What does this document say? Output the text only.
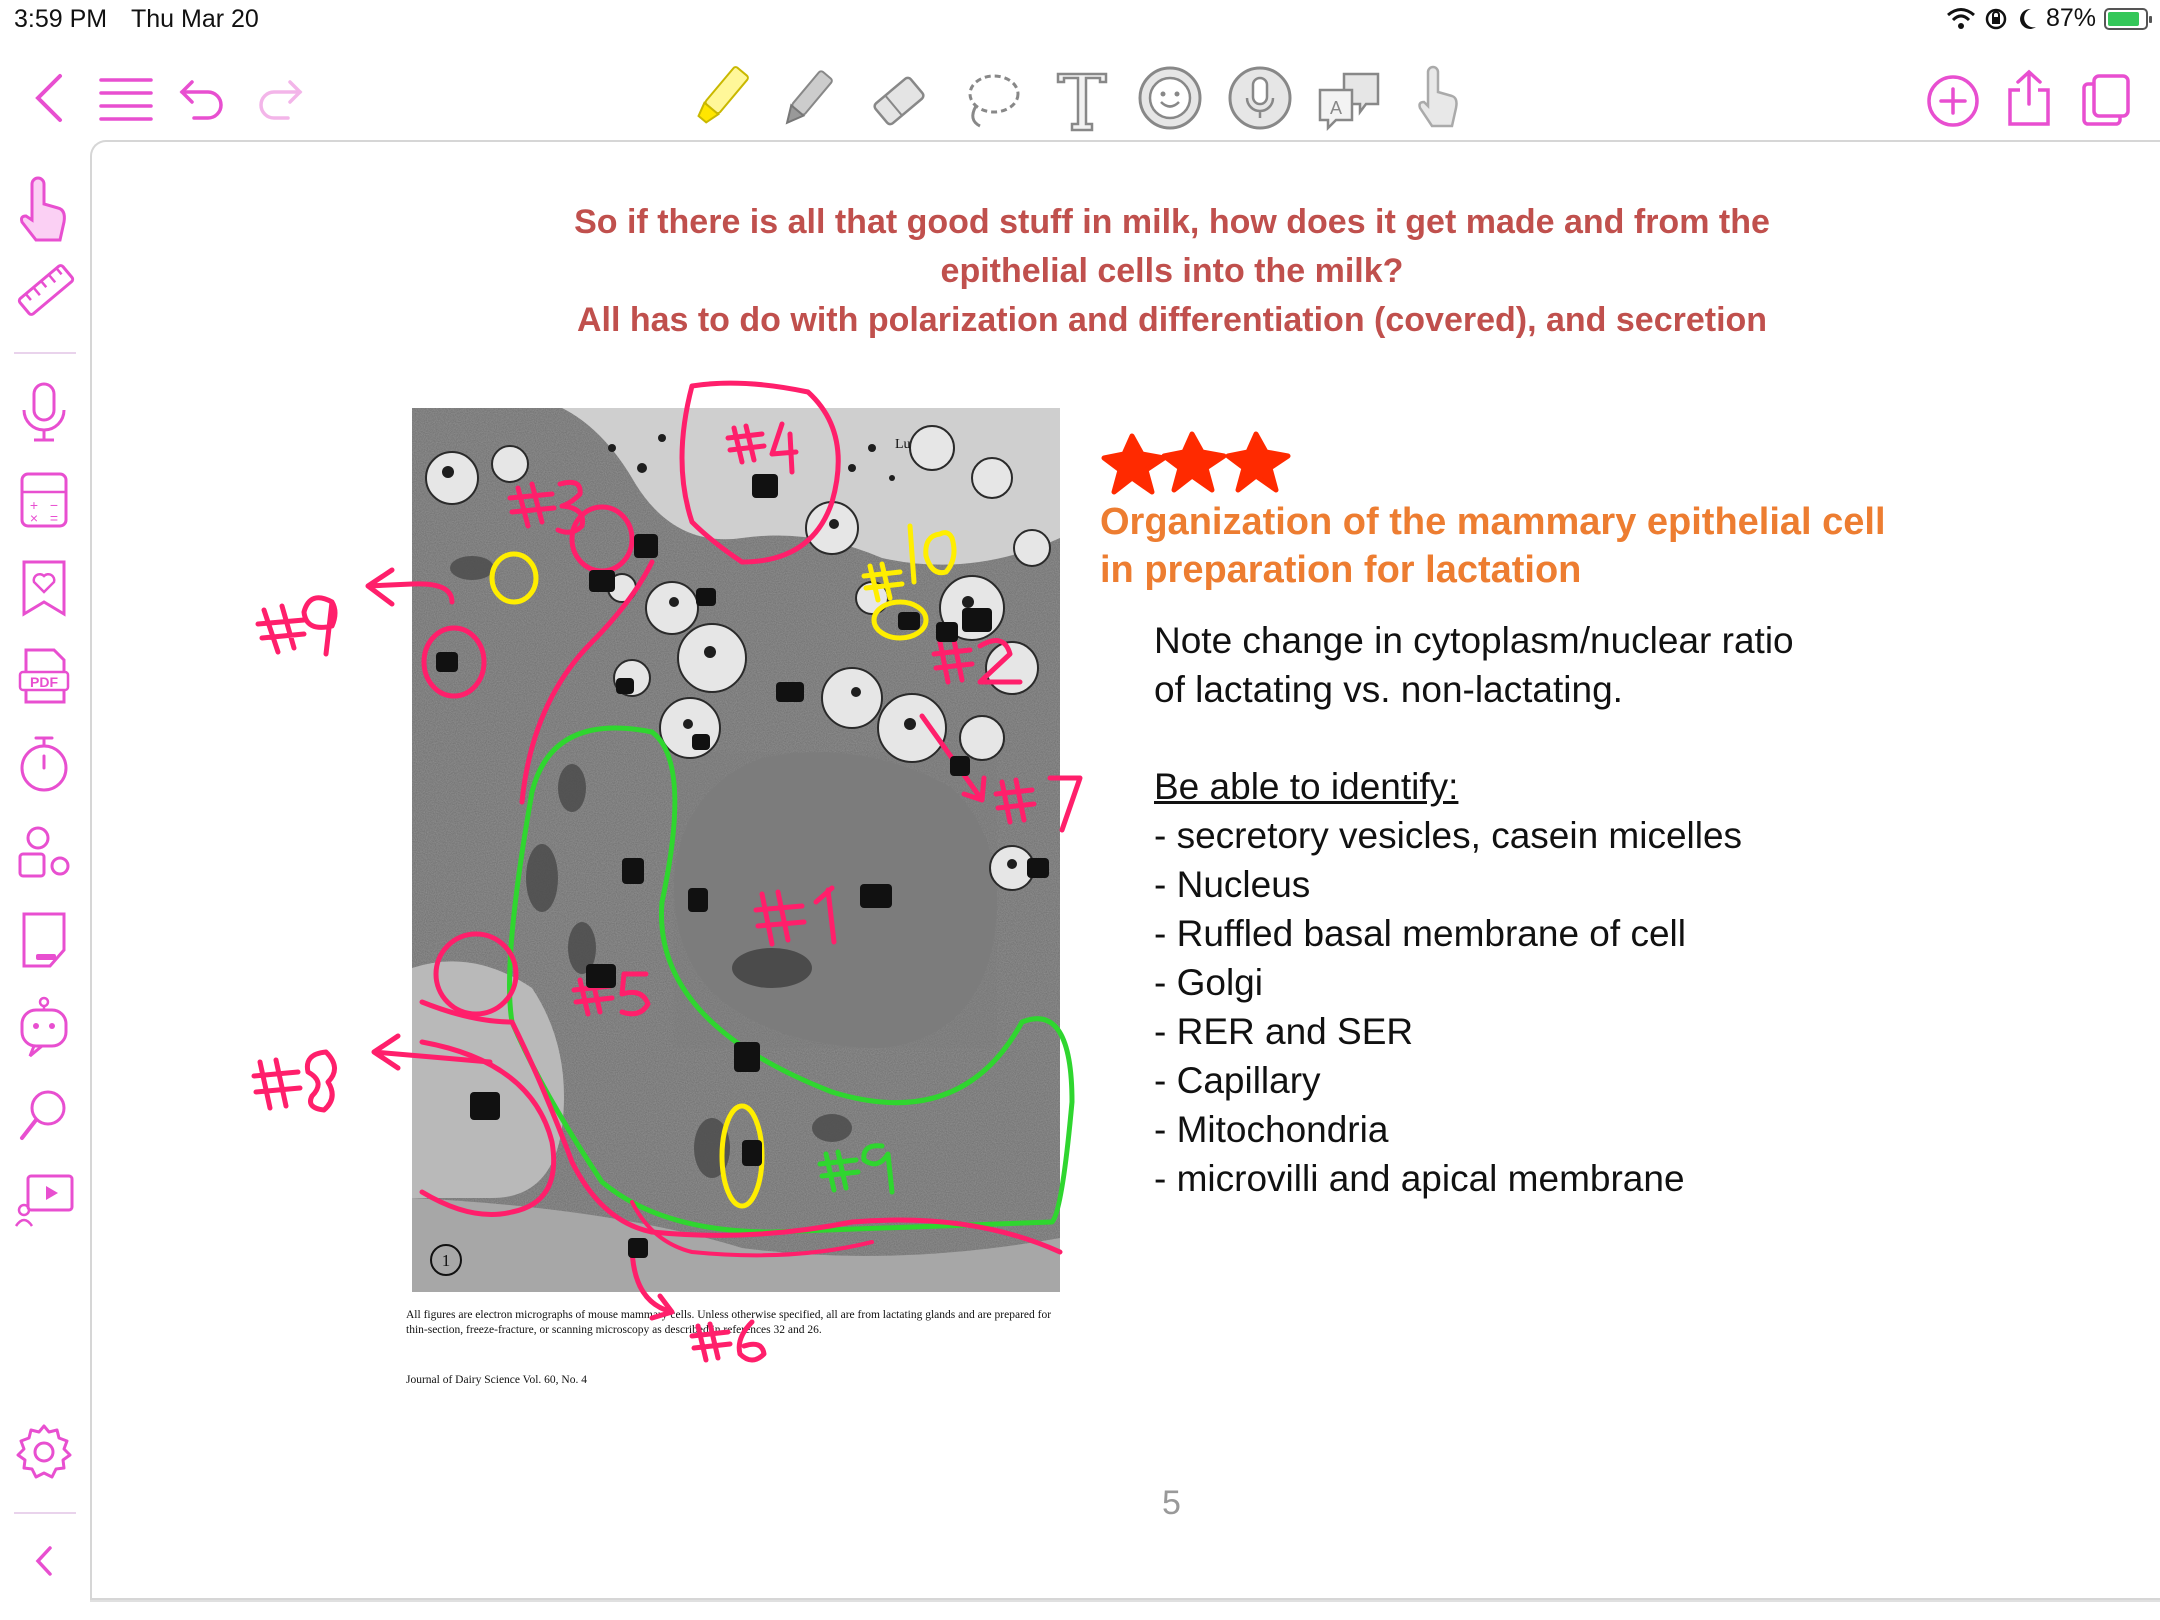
3:59 PM Thu Mar 20	87%
A
+ −
× =
PDF
So if there is all that good stuff in milk, how does it get made and from the
epithelial cells into the milk?
All has to do with polarization and differentiation (covered), and secretion
Lu
1
All figures are electron micrographs of mouse mammary cells. Unless otherwise specified, all are from lactating glands and are prepared for thin-section, freeze-fracture, or scanning microscopy as described in references 32 and 26.
Journal of Dairy Science Vol. 60, No. 4
Organization of the mammary epithelial cell
in preparation for lactation
Note change in cytoplasm/nuclear ratio
of lactating vs. non-lactating.
Be able to identify:
- secretory vesicles, casein micelles
- Nucleus
- Ruffled basal membrane of cell
- Golgi
- RER and SER
- Capillary
- Mitochondria
- microvilli and apical membrane
5
